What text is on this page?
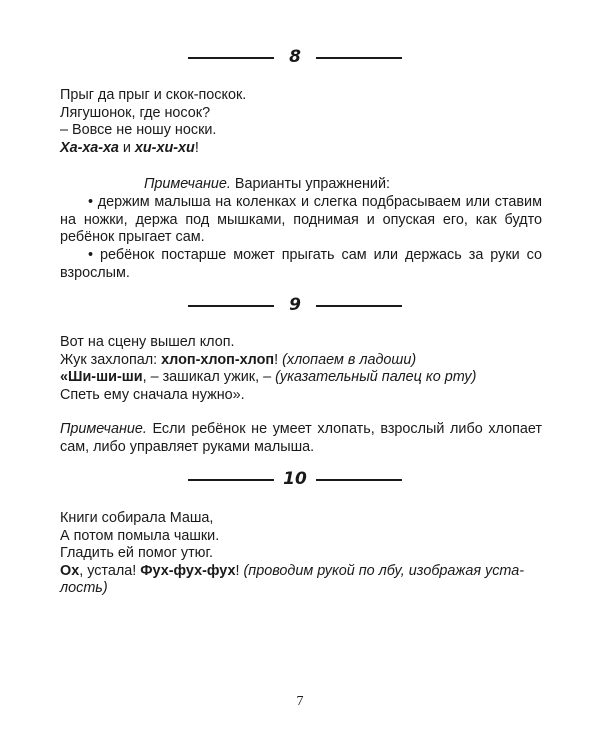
8

Прыг да прыг и скок-поскок.

Лягушонок, где носок?

– Вовсе не ношу носки.

Ха-ха-ха и хи-хи-хи!

Примечание. Варианты упражнений:

• держим малыша на коленках и слегка подбрасываем или ставим на ножки, держа под мышками, поднимая и опуская его, как будто ребёнок прыгает сам.

• ребёнок постарше может прыгать сам или держась за руки со взрослым.

9

Вот на сцену вышел клоп.

Жук захлопал: хлоп-хлоп-хлоп! (хлопаем в ладоши)

«Ши-ши-ши, – зашикал ужик, – (указательный палец ко рту)

Спеть ему сначала нужно».

Примечание. Если ребёнок не умеет хлопать, взрослый либо хлопает сам, либо управляет руками малыша.

10

Книги собирала Маша,

А потом помыла чашки.

Гладить ей помог утюг.

Ох, устала! Фух-фух-фух! (проводим рукой по лбу, изображая уста-

лость)

7
